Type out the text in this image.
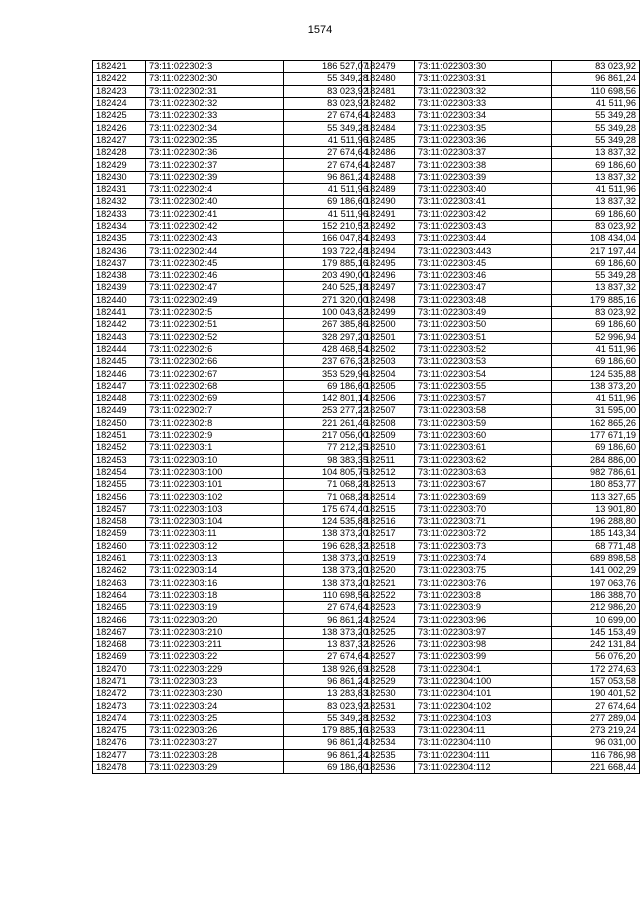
1574
182421	73:11:022302:3	186 527,07
182422	73:11:022302:30	55 349,28
182423	73:11:022302:31	83 023,92
182424	73:11:022302:32	83 023,92
182425	73:11:022302:33	27 674,64
182426	73:11:022302:34	55 349,28
182427	73:11:022302:35	41 511,96
182428	73:11:022302:36	27 674,64
182429	73:11:022302:37	27 674,64
182430	73:11:022302:39	96 861,24
182431	73:11:022302:4	41 511,96
182432	73:11:022302:40	69 186,60
182433	73:11:022302:41	41 511,96
182434	73:11:022302:42	152 210,52
182435	73:11:022302:43	166 047,84
182436	73:11:022302:44	193 722,48
182437	73:11:022302:45	179 885,16
182438	73:11:022302:46	203 490,00
182439	73:11:022302:47	240 525,18
182440	73:11:022302:49	271 320,00
182441	73:11:022302:5	100 043,82
182442	73:11:022302:51	267 385,86
182443	73:11:022302:52	328 297,20
182444	73:11:022302:6	428 468,54
182445	73:11:022302:66	237 676,32
182446	73:11:022302:67	353 529,96
182447	73:11:022302:68	69 186,60
182448	73:11:022302:69	142 801,14
182449	73:11:022302:7	253 277,22
182450	73:11:022302:8	221 261,46
182451	73:11:022302:9	217 056,00
182452	73:11:022303:1	77 212,25
182453	73:11:022303:10	98 383,35
182454	73:11:022303:100	104 805,75
182455	73:11:022303:101	71 068,28
182456	73:11:022303:102	71 068,28
182457	73:11:022303:103	175 674,40
182458	73:11:022303:104	124 535,88
182459	73:11:022303:11	138 373,20
182460	73:11:022303:12	196 628,32
182461	73:11:022303:13	138 373,20
182462	73:11:022303:14	138 373,20
182463	73:11:022303:16	138 373,20
182464	73:11:022303:18	110 698,56
182465	73:11:022303:19	27 674,64
182466	73:11:022303:20	96 861,24
182467	73:11:022303:210	138 373,20
182468	73:11:022303:211	13 837,32
182469	73:11:022303:22	27 674,64
182470	73:11:022303:229	138 926,69
182471	73:11:022303:23	96 861,24
182472	73:11:022303:230	13 283,83
182473	73:11:022303:24	83 023,92
182474	73:11:022303:25	55 349,28
182475	73:11:022303:26	179 885,16
182476	73:11:022303:27	96 861,24
182477	73:11:022303:28	96 861,24
182478	73:11:022303:29	69 186,60
182479	73:11:022303:30	83 023,92
182480	73:11:022303:31	96 861,24
182481	73:11:022303:32	110 698,56
182482	73:11:022303:33	41 511,96
182483	73:11:022303:34	55 349,28
182484	73:11:022303:35	55 349,28
182485	73:11:022303:36	55 349,28
182486	73:11:022303:37	13 837,32
182487	73:11:022303:38	69 186,60
182488	73:11:022303:39	13 837,32
182489	73:11:022303:40	41 511,96
182490	73:11:022303:41	13 837,32
182491	73:11:022303:42	69 186,60
182492	73:11:022303:43	83 023,92
182493	73:11:022303:44	108 434,04
182494	73:11:022303:443	217 197,44
182495	73:11:022303:45	69 186,60
182496	73:11:022303:46	55 349,28
182497	73:11:022303:47	13 837,32
182498	73:11:022303:48	179 885,16
182499	73:11:022303:49	83 023,92
182500	73:11:022303:50	69 186,60
182501	73:11:022303:51	52 996,94
182502	73:11:022303:52	41 511,96
182503	73:11:022303:53	69 186,60
182504	73:11:022303:54	124 535,88
182505	73:11:022303:55	138 373,20
182506	73:11:022303:57	41 511,96
182507	73:11:022303:58	31 595,00
182508	73:11:022303:59	162 865,26
182509	73:11:022303:60	177 671,19
182510	73:11:022303:61	69 186,60
182511	73:11:022303:62	284 886,00
182512	73:11:022303:63	982 786,61
182513	73:11:022303:67	180 853,77
182514	73:11:022303:69	113 327,65
182515	73:11:022303:70	13 901,80
182516	73:11:022303:71	196 288,80
182517	73:11:022303:72	185 143,34
182518	73:11:022303:73	68 771,48
182519	73:11:022303:74	689 898,58
182520	73:11:022303:75	141 002,29
182521	73:11:022303:76	197 063,76
182522	73:11:022303:8	186 388,70
182523	73:11:022303:9	212 986,20
182524	73:11:022303:96	10 699,00
182525	73:11:022303:97	145 153,49
182526	73:11:022303:98	242 131,84
182527	73:11:022303:99	56 076,20
182528	73:11:022304:1	172 274,63
182529	73:11:022304:100	157 053,58
182530	73:11:022304:101	190 401,52
182531	73:11:022304:102	27 674,64
182532	73:11:022304:103	277 289,04
182533	73:11:022304:11	273 219,24
182534	73:11:022304:110	96 031,00
182535	73:11:022304:111	116 786,98
182536	73:11:022304:112	221 668,44
